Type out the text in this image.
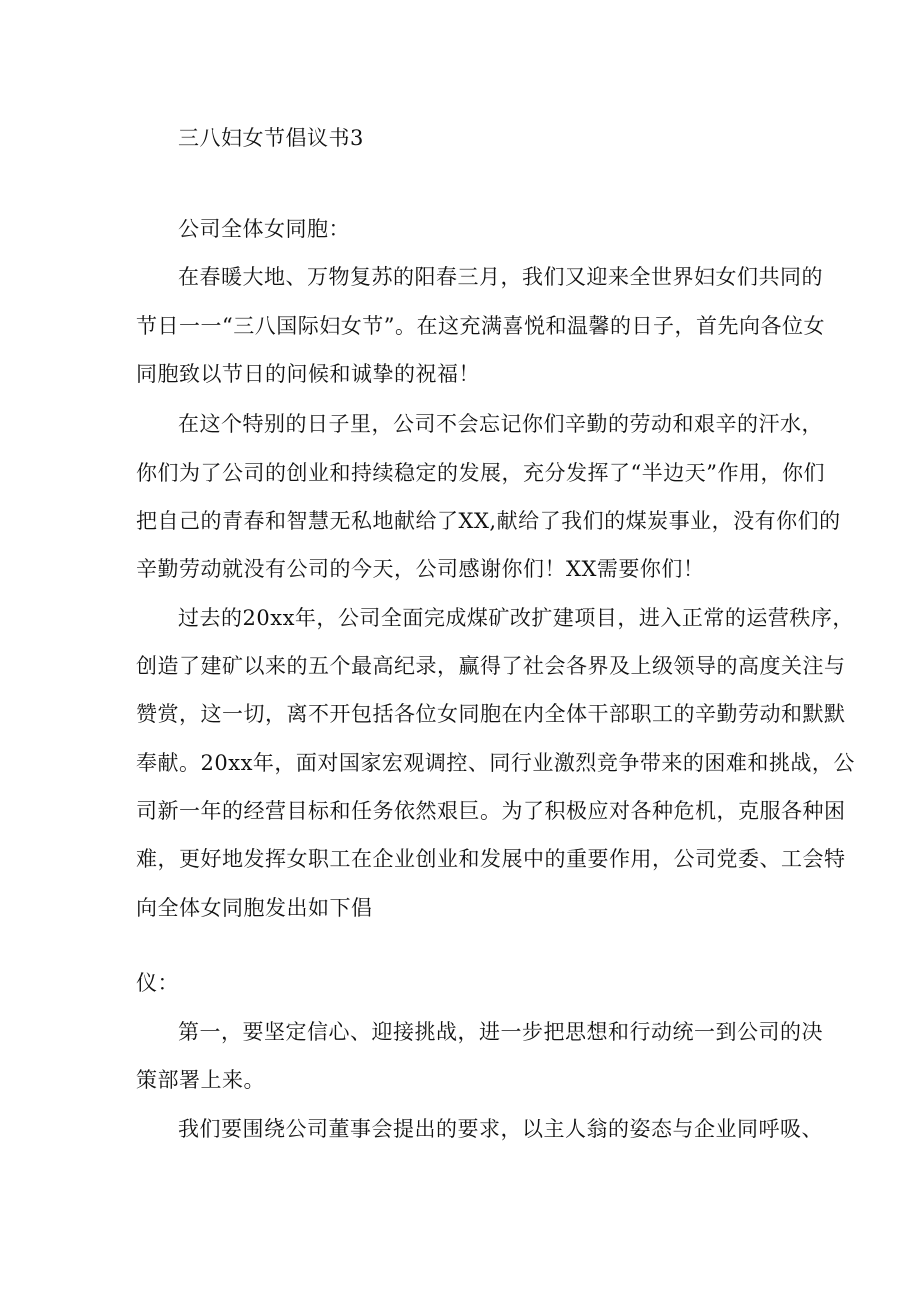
三八妇女节倡议书3
公司全体女同胞：
在春暖大地、万物复苏的阳春三月，我们又迎来全世界妇女们共同的
节日一一“三八国际妇女节”。在这充满喜悦和温馨的日子，首先向各位女
同胞致以节日的问候和诚挚的祝福！
在这个特别的日子里，公司不会忘记你们辛勤的劳动和艰辛的汗水，
你们为了公司的创业和持续稳定的发展，充分发挥了“半边天”作用，你们
把自己的青春和智慧无私地献给了XX,献给了我们的煤炭事业，没有你们的
辛勤劳动就没有公司的今天，公司感谢你们！XX需要你们！
过去的20xx年，公司全面完成煤矿改扩建项目，进入正常的运营秩序，
创造了建矿以来的五个最高纪录，赢得了社会各界及上级领导的高度关注与
赞赏，这一切，离不开包括各位女同胞在内全体干部职工的辛勤劳动和默默
奉献。20xx年，面对国家宏观调控、同行业激烈竞争带来的困难和挑战，公
司新一年的经营目标和任务依然艰巨。为了积极应对各种危机，克服各种困
难，更好地发挥女职工在企业创业和发展中的重要作用，公司党委、工会特
向全体女同胞发出如下倡
仪：
第一，要坚定信心、迎接挑战，进一步把思想和行动统一到公司的决
策部署上来。
我们要围绕公司董事会提出的要求，以主人翁的姿态与企业同呼吸、
